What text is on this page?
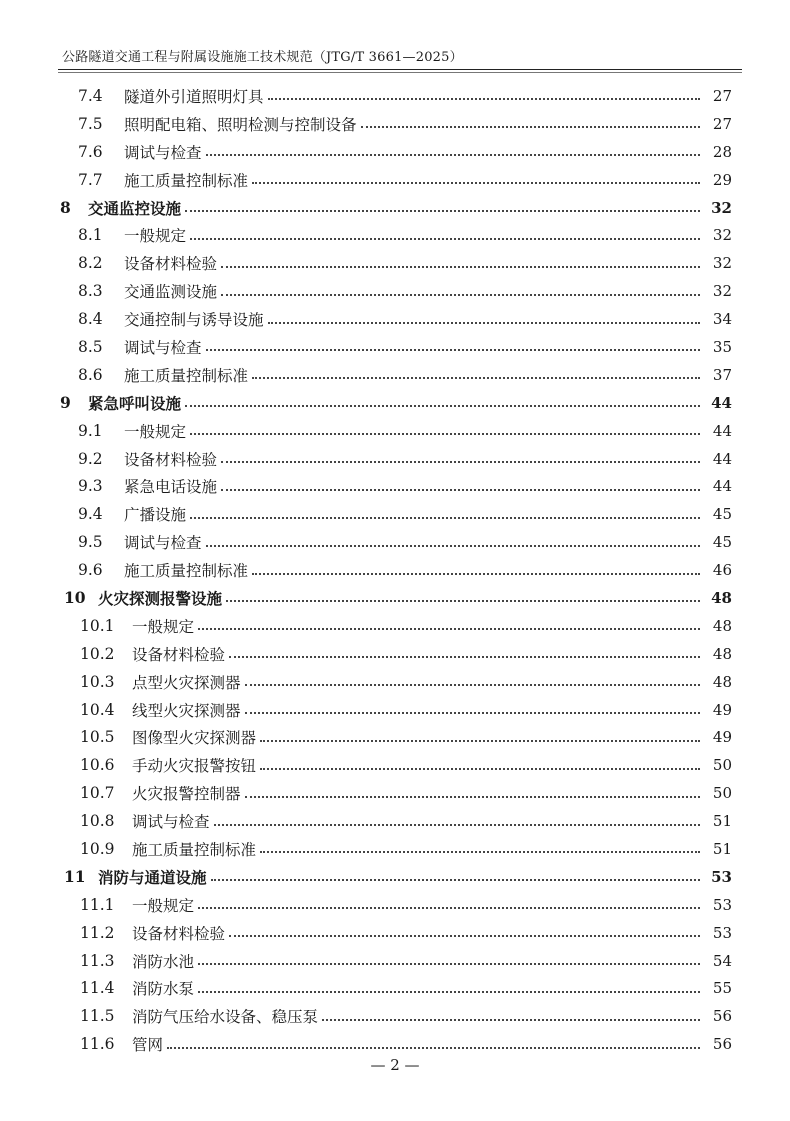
公路隧道交通工程与附属设施施工技术规范（JTG/T 3661—2025）
7.4	隧道外引道照明灯具	27
7.5	照明配电箱、照明检测与控制设备	27
7.6	调试与检查	28
7.7	施工质量控制标准	29
8	交通监控设施	32
8.1	一般规定	32
8.2	设备材料检验	32
8.3	交通监测设施	32
8.4	交通控制与诱导设施	34
8.5	调试与检查	35
8.6	施工质量控制标准	37
9	紧急呼叫设施	44
9.1	一般规定	44
9.2	设备材料检验	44
9.3	紧急电话设施	44
9.4	广播设施	45
9.5	调试与检查	45
9.6	施工质量控制标准	46
10 火灾探测报警设施	48
10.1	一般规定	48
10.2	设备材料检验	48
10.3	点型火灾探测器	48
10.4	线型火灾探测器	49
10.5	图像型火灾探测器	49
10.6	手动火灾报警按钮	50
10.7	火灾报警控制器	50
10.8	调试与检查	51
10.9	施工质量控制标准	51
11 消防与通道设施	53
11.1	一般规定	53
11.2	设备材料检验	53
11.3	消防水池	54
11.4	消防水泵	55
11.5	消防气压给水设备、稳压泵	56
11.6	管网	56
— 2 —
